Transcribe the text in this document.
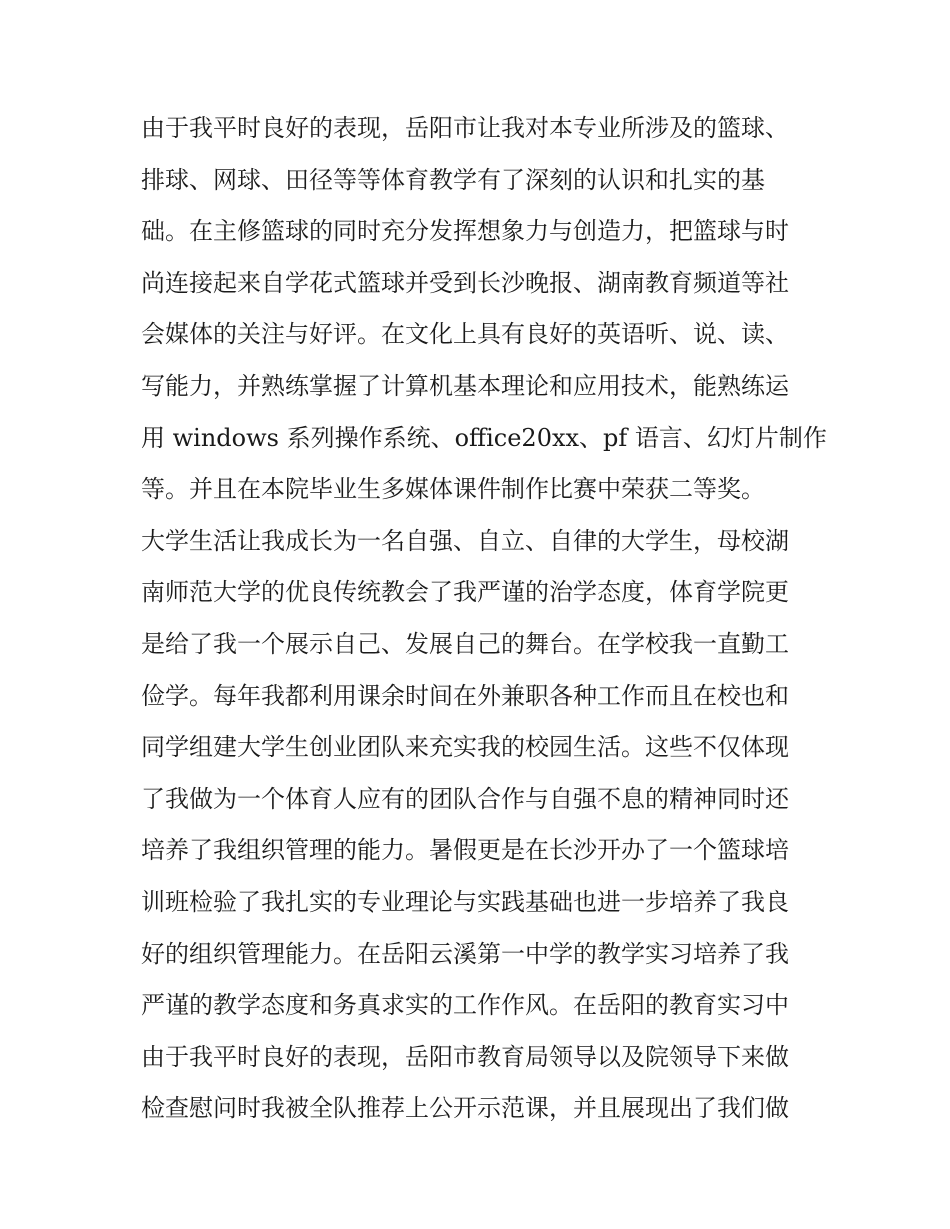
由于我平时良好的表现，岳阳市让我对本专业所涉及的篮球、
排球、网球、田径等等体育教学有了深刻的认识和扎实的基
础。在主修篮球的同时充分发挥想象力与创造力，把篮球与时
尚连接起来自学花式篮球并受到长沙晚报、湖南教育频道等社
会媒体的关注与好评。在文化上具有良好的英语听、说、读、
写能力，并熟练掌握了计算机基本理论和应用技术，能熟练运
用 windows 系列操作系统、office20xx、pf 语言、幻灯片制作
等。并且在本院毕业生多媒体课件制作比赛中荣获二等奖。
大学生活让我成长为一名自强、自立、自律的大学生，母校湖
南师范大学的优良传统教会了我严谨的治学态度，体育学院更
是给了我一个展示自己、发展自己的舞台。在学校我一直勤工
俭学。每年我都利用课余时间在外兼职各种工作而且在校也和
同学组建大学生创业团队来充实我的校园生活。这些不仅体现
了我做为一个体育人应有的团队合作与自强不息的精神同时还
培养了我组织管理的能力。暑假更是在长沙开办了一个篮球培
训班检验了我扎实的专业理论与实践基础也进一步培养了我良
好的组织管理能力。在岳阳云溪第一中学的教学实习培养了我
严谨的教学态度和务真求实的工作作风。在岳阳的教育实习中
由于我平时良好的表现，岳阳市教育局领导以及院领导下来做
检查慰问时我被全队推荐上公开示范课，并且展现出了我们做
